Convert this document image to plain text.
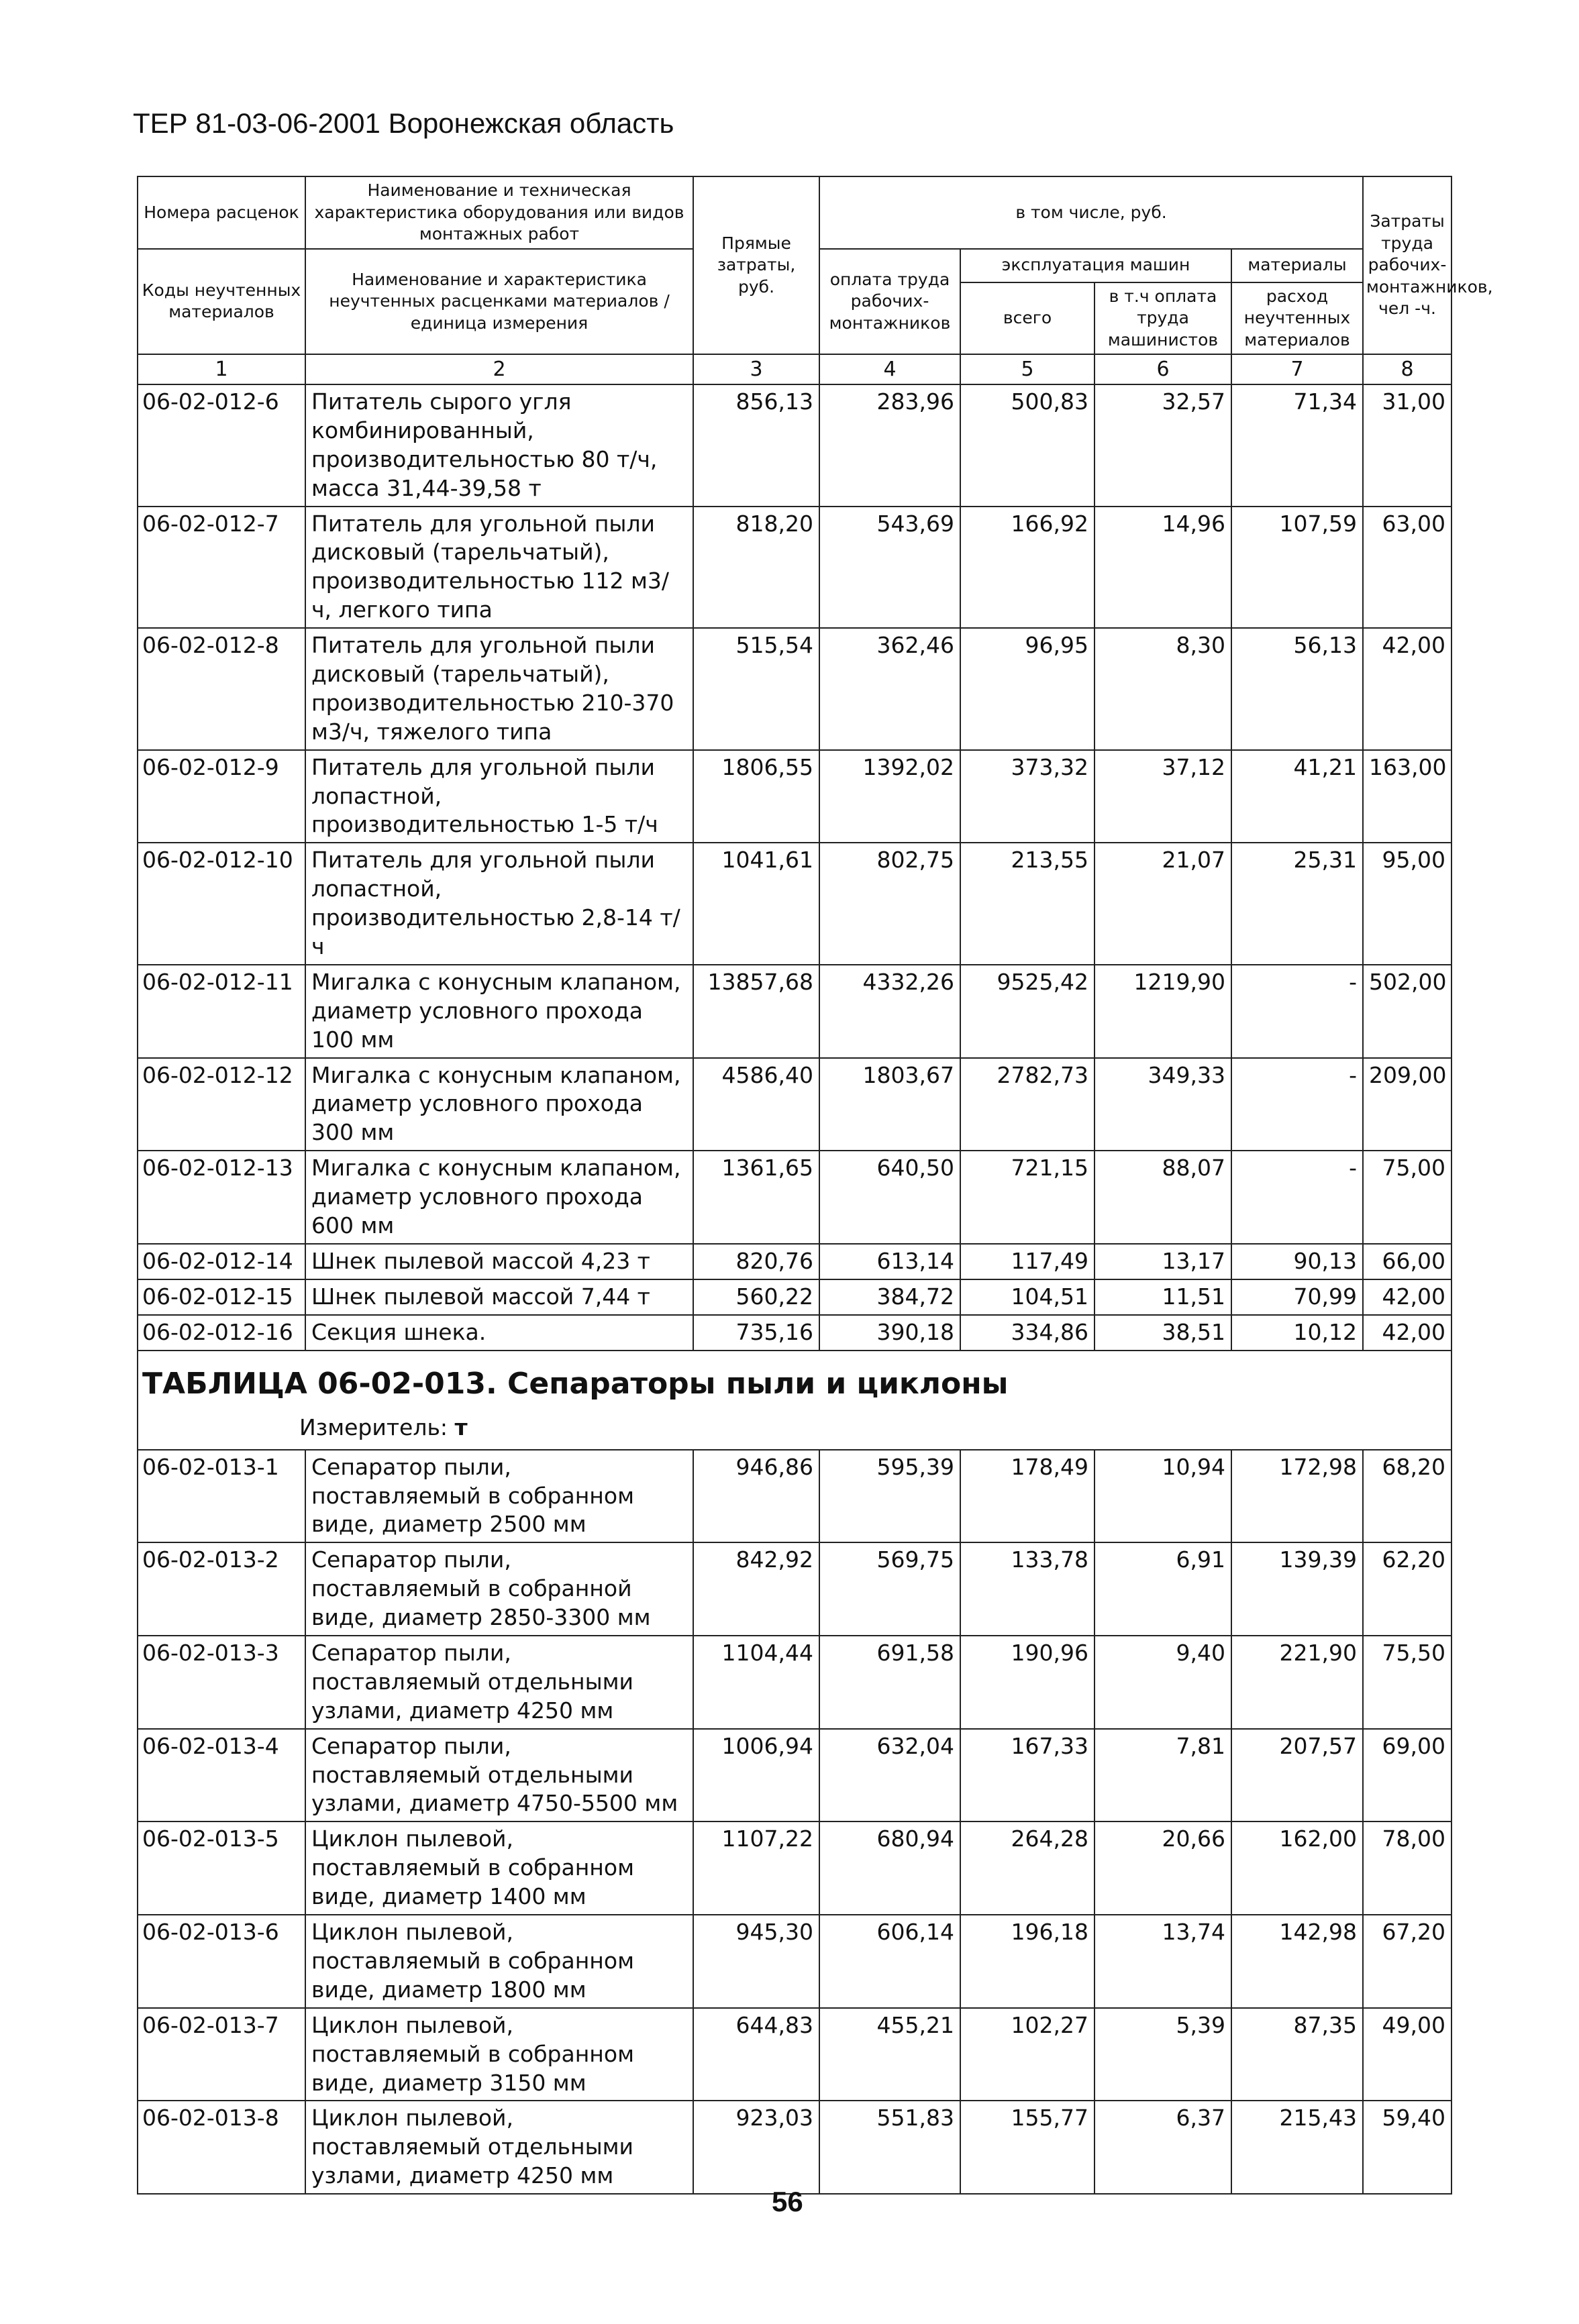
ТЕР 81-03-06-2001 Воронежская область
Номера расценок	Наименование и техническая характеристика оборудования или видов монтажных работ	Прямые затраты, руб.	в том числе, руб.				Затраты труда рабочих-монтажников, чел -ч.	
Коды неучтенных материалов	Наименование и характеристика неучтенных расценками материалов / единица измерения		оплата труда рабочих-монтажников	эксплуатация машин		материалы		
				всего	в т.ч оплата труда машинистов	расход неучтенных материалов		

1	2	3	4	5	6	7	8	
06-02-012-6	Питатель сырого угля комбинированный, производительностью 80 т/ч, масса 31,44-39,58 т	856,13	283,96	500,83	32,57	71,34	31,00	
06-02-012-7	Питатель для угольной пыли дисковый (тарельчатый), производительностью 112 м3/ч, легкого типа	818,20	543,69	166,92	14,96	107,59	63,00	
06-02-012-8	Питатель для угольной пыли дисковый (тарельчатый), производительностью 210-370 м3/ч, тяжелого типа	515,54	362,46	96,95	8,30	56,13	42,00	
06-02-012-9	Питатель для угольной пыли лопастной, производительностью 1-5 т/ч	1806,55	1392,02	373,32	37,12	41,21	163,00	
06-02-012-10	Питатель для угольной пыли лопастной, производительностью 2,8-14 т/ч	1041,61	802,75	213,55	21,07	25,31	95,00	
06-02-012-11	Мигалка с конусным клапаном, диаметр условного прохода 100 мм	13857,68	4332,26	9525,42	1219,90	-	502,00	
06-02-012-12	Мигалка с конусным клапаном, диаметр условного прохода 300 мм	4586,40	1803,67	2782,73	349,33	-	209,00	
06-02-012-13	Мигалка с конусным клапаном, диаметр условного прохода 600 мм	1361,65	640,50	721,15	88,07	-	75,00	
06-02-012-14	Шнек пылевой массой 4,23 т	820,76	613,14	117,49	13,17	90,13	66,00	
06-02-012-15	Шнек пылевой массой 7,44 т	560,22	384,72	104,51	11,51	70,99	42,00	
06-02-012-16	Секция шнека.	735,16	390,18	334,86	38,51	10,12	42,00	
ТАБЛИЦА 06-02-013. Сепараторы пыли и циклоны								
Измеритель: т								
06-02-013-1	Сепаратор пыли, поставляемый в собранном виде, диаметр 2500 мм	946,86	595,39	178,49	10,94	172,98	68,20	
06-02-013-2	Сепаратор пыли, поставляемый в собранной виде, диаметр 2850-3300 мм	842,92	569,75	133,78	6,91	139,39	62,20	
06-02-013-3	Сепаратор пыли, поставляемый отдельными узлами, диаметр 4250 мм	1104,44	691,58	190,96	9,40	221,90	75,50	
06-02-013-4	Сепаратор пыли, поставляемый отдельными узлами, диаметр 4750-5500 мм	1006,94	632,04	167,33	7,81	207,57	69,00	
06-02-013-5	Циклон пылевой, поставляемый в собранном виде, диаметр 1400 мм	1107,22	680,94	264,28	20,66	162,00	78,00	
06-02-013-6	Циклон пылевой, поставляемый в собранном виде, диаметр 1800 мм	945,30	606,14	196,18	13,74	142,98	67,20	
06-02-013-7	Циклон пылевой, поставляемый в собранном виде, диаметр 3150 мм	644,83	455,21	102,27	5,39	87,35	49,00	
06-02-013-8	Циклон пылевой, поставляемый отдельными узлами, диаметр 4250 мм	923,03	551,83	155,77	6,37	215,43	59,40	
56
